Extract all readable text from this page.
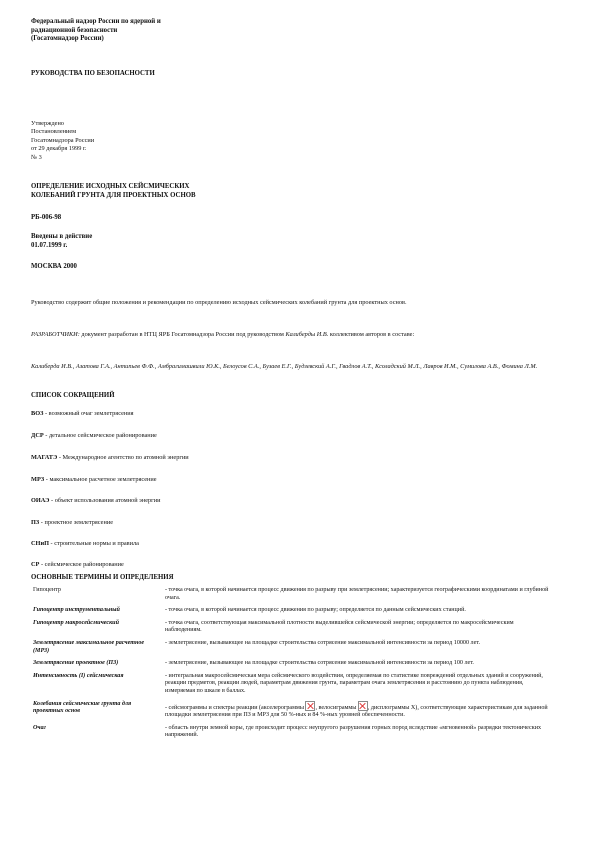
Федеральный надзор России по ядерной и
радиационной безопасности
(Госатомнадзор России)
РУКОВОДСТВА ПО БЕЗОПАСНОСТИ
Утверждено
Постановлением
Госатомнадзора России
от 29 декабря 1999 г.
№ 3
ОПРЕДЕЛЕНИЕ ИСХОДНЫХ СЕЙСМИЧЕСКИХ
КОЛЕБАНИЙ ГРУНТА ДЛЯ ПРОЕКТНЫХ ОСНОВ
РБ-006-98
Введены в действие
01.07.1999 г.
МОСКВА 2000
Руководство содержит общие положения и рекомендации по определению исходных сейсмических колебаний грунта для проектных основ.
РАЗРАБОТЧИКИ: документ разработан в НТЦ ЯРБ Госатомнадзора России под руководством Калиберды И.В. коллективом авторов в составе:
Калиберда И.В., Азатова Г.А., Антипьев Ф.Ф., Амбрагимашвили Ю.К., Белоусов С.А., Бузаев Е.Г., Будзевский А.Г., Гвадлов А.Т., Ксоладский М.Л., Лавров И.М., Сумилова А.В., Фомина Л.М.
СПИСОК СОКРАЩЕНИЙ
ВОЗ - возможный очаг землетрясения
ДСР - детальное сейсмическое районирование
МАГАТЭ - Международное агентство по атомной энергии
МРЗ - максимальное расчетное землетрясение
ОИАЭ - объект использования атомной энергии
ПЗ - проектное землетрясение
СНиП - строительные нормы и правила
СР - сейсмическое районирование
ОСНОВНЫЕ ТЕРМИНЫ И ОПРЕДЕЛЕНИЯ
Гипоцентр	- точка очага, в которой начинается процесс движения по разрыву при землетрясении; характеризуется географическими координатами и глубиной очага.
Гипоцентр инструментальный	- точка очага, в которой начинается процесс движения по разрыву; определяется по данным сейсмических станций.
Гипоцентр макросейсмический	- точка очага, соответствующая максимальной плотности выделившейся сейсмической энергии; определяется по макросейсмическим наблюдениям.
Землетрясение максимальное расчетное (МРЗ)	- землетрясение, вызывающее на площадке строительства сотрясение максимальной интенсивности за период 10000 лет.
Землетрясение проектное (ПЗ)	- землетрясение, вызывающее на площадке строительства сотрясение максимальной интенсивности за период 100 лет.
Интенсивность (I) сейсмическая	- интегральная макросейсмическая мера сейсмического воздействия, определяемая по статистике повреждений отдельных зданий и сооружений, реакции предметов, реакции людей, параметрам движения грунта, параметрам очага землетрясения и расстоянию до пункта наблюдения, измеряемая по шкале в баллах.
Колебания сейсмические грунта для проектных основ	- сейсмограммы и спектры реакции (акселерограммы , велосиграммы , дисплограммы X), соответствующие характеристикам для заданной площадки землетрясения при ПЗ и МРЗ для 50 %-ных и 84 %-ных уровней обеспеченности.
Очаг	- область внутри земной коры, где происходит процесс неупругого разрушения горных пород вследствие «мгновенной» разрядки тектонических напряжений.
